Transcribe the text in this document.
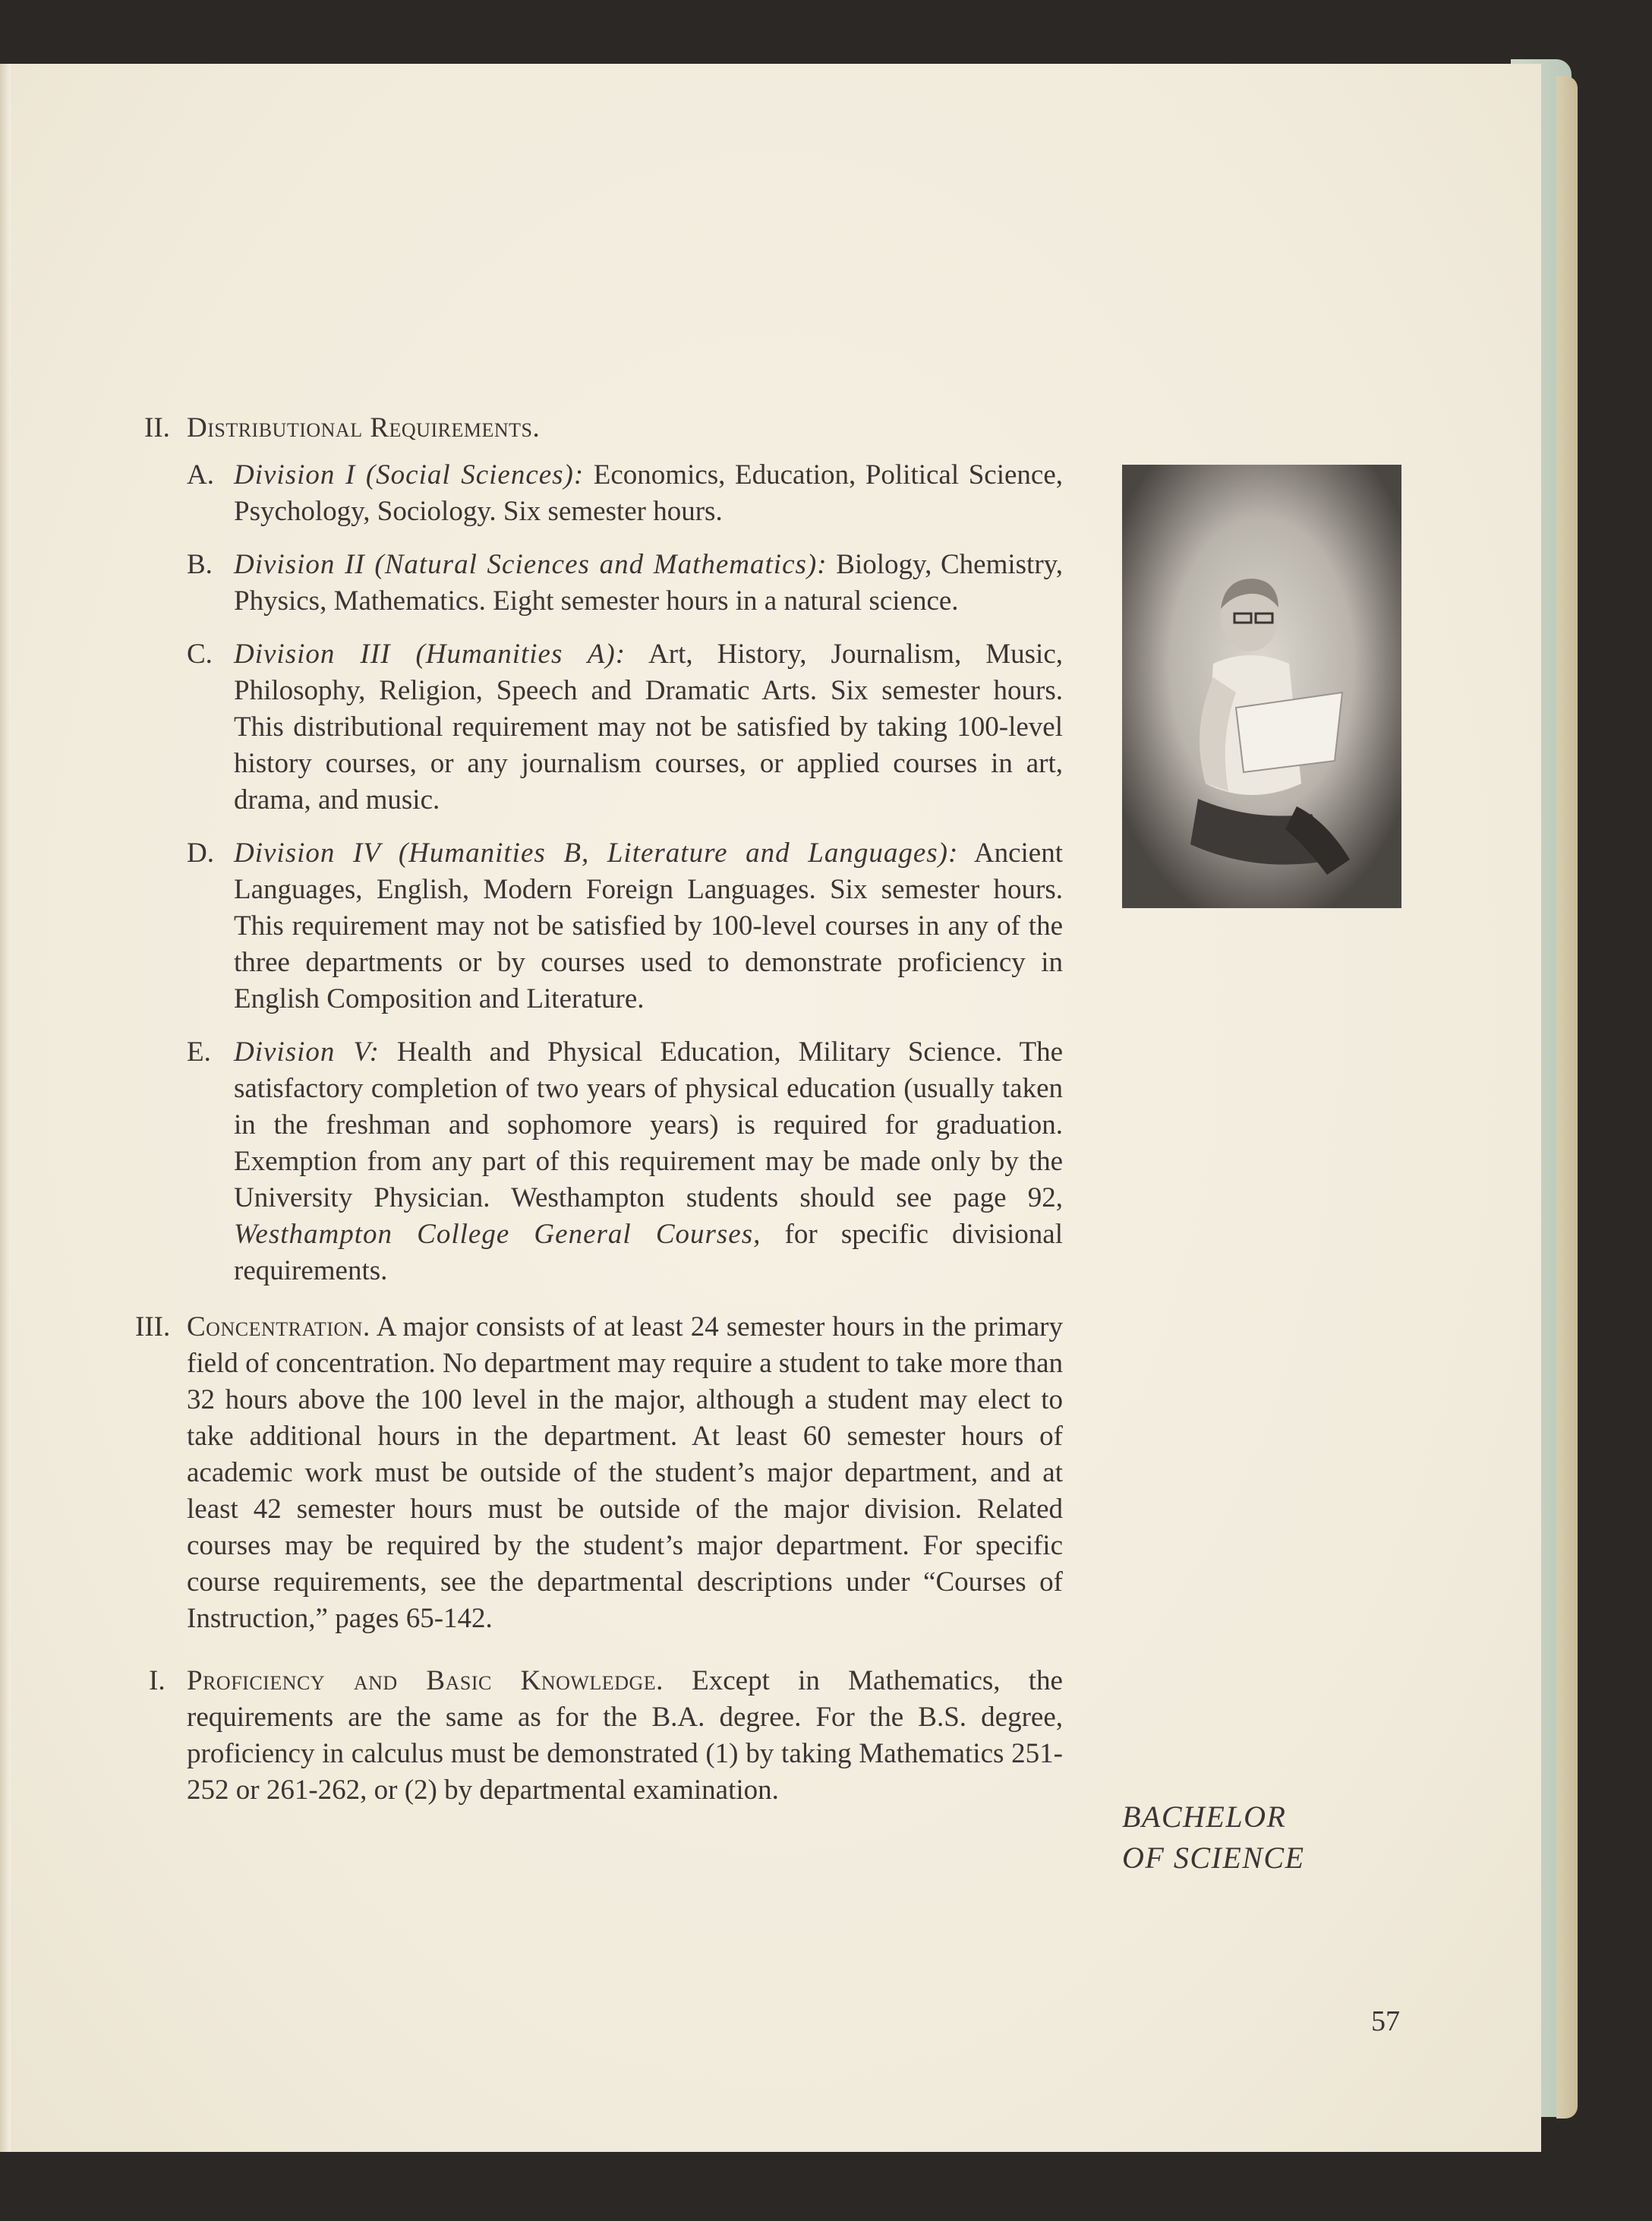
II. Distributional Requirements.

A. Division I (Social Sciences): Economics, Education, Political Science, Psychology, Sociology. Six semester hours.

B. Division II (Natural Sciences and Mathematics): Biology, Chemistry, Physics, Mathematics. Eight semester hours in a natural science.

C. Division III (Humanities A): Art, History, Journalism, Music, Philosophy, Religion, Speech and Dramatic Arts. Six semester hours. This distributional requirement may not be satisfied by taking 100-level history courses, or any journalism courses, or applied courses in art, drama, and music.

D. Division IV (Humanities B, Literature and Languages): Ancient Languages, English, Modern Foreign Languages. Six semester hours. This requirement may not be satisfied by 100-level courses in any of the three departments or by courses used to demonstrate proficiency in English Composition and Literature.

E. Division V: Health and Physical Education, Military Science. The satisfactory completion of two years of physical education (usually taken in the freshman and sophomore years) is required for graduation. Exemption from any part of this requirement may be made only by the University Physician. Westhampton students should see page 92, Westhampton College General Courses, for specific divisional requirements.

III. Concentration. A major consists of at least 24 semester hours in the primary field of concentration. No department may require a student to take more than 32 hours above the 100 level in the major, although a student may elect to take additional hours in the department. At least 60 semester hours of academic work must be outside of the student’s major department, and at least 42 semester hours must be outside of the major division. Related courses may be required by the student’s major department. For specific course requirements, see the departmental descriptions under “Courses of Instruction,” pages 65-142.

I. Proficiency and Basic Knowledge. Except in Mathematics, the requirements are the same as for the B.A. degree. For the B.S. degree, proficiency in calculus must be demonstrated (1) by taking Mathematics 251-252 or 261-262, or (2) by departmental examination.

BACHELOR
OF SCIENCE
57
